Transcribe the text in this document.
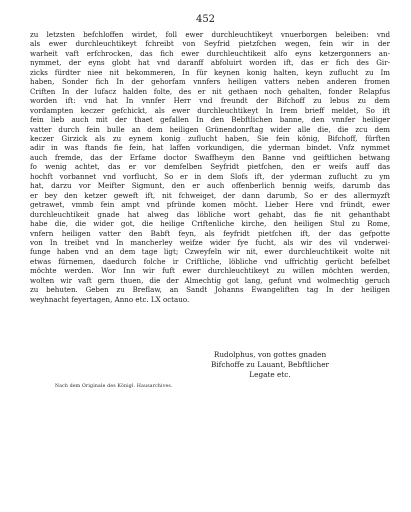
452
zu letzsten befchloffen wirdet, foll ewer durchleuchtikeyt vnuerborgen beleiben: vnd
als ewer durchleuchtikeyt fchreibt von Seyfrid pietzfchen wegen, fein wir in der
warheit vaft erfchrocken, das fich ewer durchleuchtikeit alfo eyns ketzergonners an-
nymmet, der eyns globt hat vnd daranff abfoluirt worden ift, das er fich des Gir-
zicks fürdter niee nit bekommeren, In für keynen konig halten, keyn zuflucht zu Im
haben, Sonder fich In der gehorfam vnnfers heiligen vatters neben anderen fromen
Criften In der lufacz halden folte, des er nit gethaen noch gehalten, fonder Relapfus
worden ift: vnd hat In vnnfer Herr vnd freundt der Bifchoff zu lebus zu dem
vordampten keczer gefchickt, als ewer durchleuchtikeyt In Irem brieff meldet, So ift
fein lieb auch mit der thaet gefallen In den Bebftlichen banne, den vnnfer heiliger
vatter durch fein bulle an dem heiligen Grünendonrftag wider alle die, die zcu dem
keczer Girzick als zu eynem konig zuflucht haben, Sie fein könig, Bifchoff, fürften
adir in was ftands fie fein, hat laffen vorkundigen, die yderman bindet. Vnfz nymmet
auch fremde, das der Erfame doctor Swaffheym den Banne vnd geiftlichen betwang
fo wenig achtet, das er vor demfelben Seyfridt pietfchen, den er weifs auff das
hochft vorbannet vnd vorflucht, So er in dem Slofs ift, der yderman zuflucht zu ym
hat, darzu vor Meifter Sigmunt, den er auch offenberlich bennig weifs, darumb das
er bey den ketzer geweft ift, nit fchweiget, der dann darumb, So er des allermyzft
getrawet, vmmb fein ampt vnd pfründe komen möcht. Lieber Here vnd fründt, ewer
durchleuchtikeit gnade hat alweg das löbliche wort gehabt, das fie nit gehanthabt
habe die, die wider got, die heilige Criftenliche kirche, den heiligen Stul zu Rome,
vnfern heiligen vatter den Babft feyn, als feyfridt pietfchen ift, der das gefpotte
von In treibet vnd In mancherley weifze wider fye fucht, als wir des vil vnderwei-
funge haben vnd an dem tage ligt; Czweyfeln wir nit, ewer durchleuchtikeit wolte nit
etwas fürnemen, daedurch folche ir Criftliche, löbliche vnd uffrichtig gerücht befelbet
möchte werden. Wor Inn wir fuft ewer durchleuchtikeyt zu willen möchten werden,
wolten wir vaft gern thuen, die der Almechtig got lang, gefunt vnd wolmechtig geruch
zu behuten. Geben zu Breflaw, an Sandt Johanns Ewangeliften tag In der heiligen
weyhnacht feyertagen, Anno etc. LX octauo.
Rudolphus, von gottes gnaden
Bifchoffe zu Lauant, Bebftlicher
Legate etc.
Nach dem Originale des Königl. Hausarchives.
